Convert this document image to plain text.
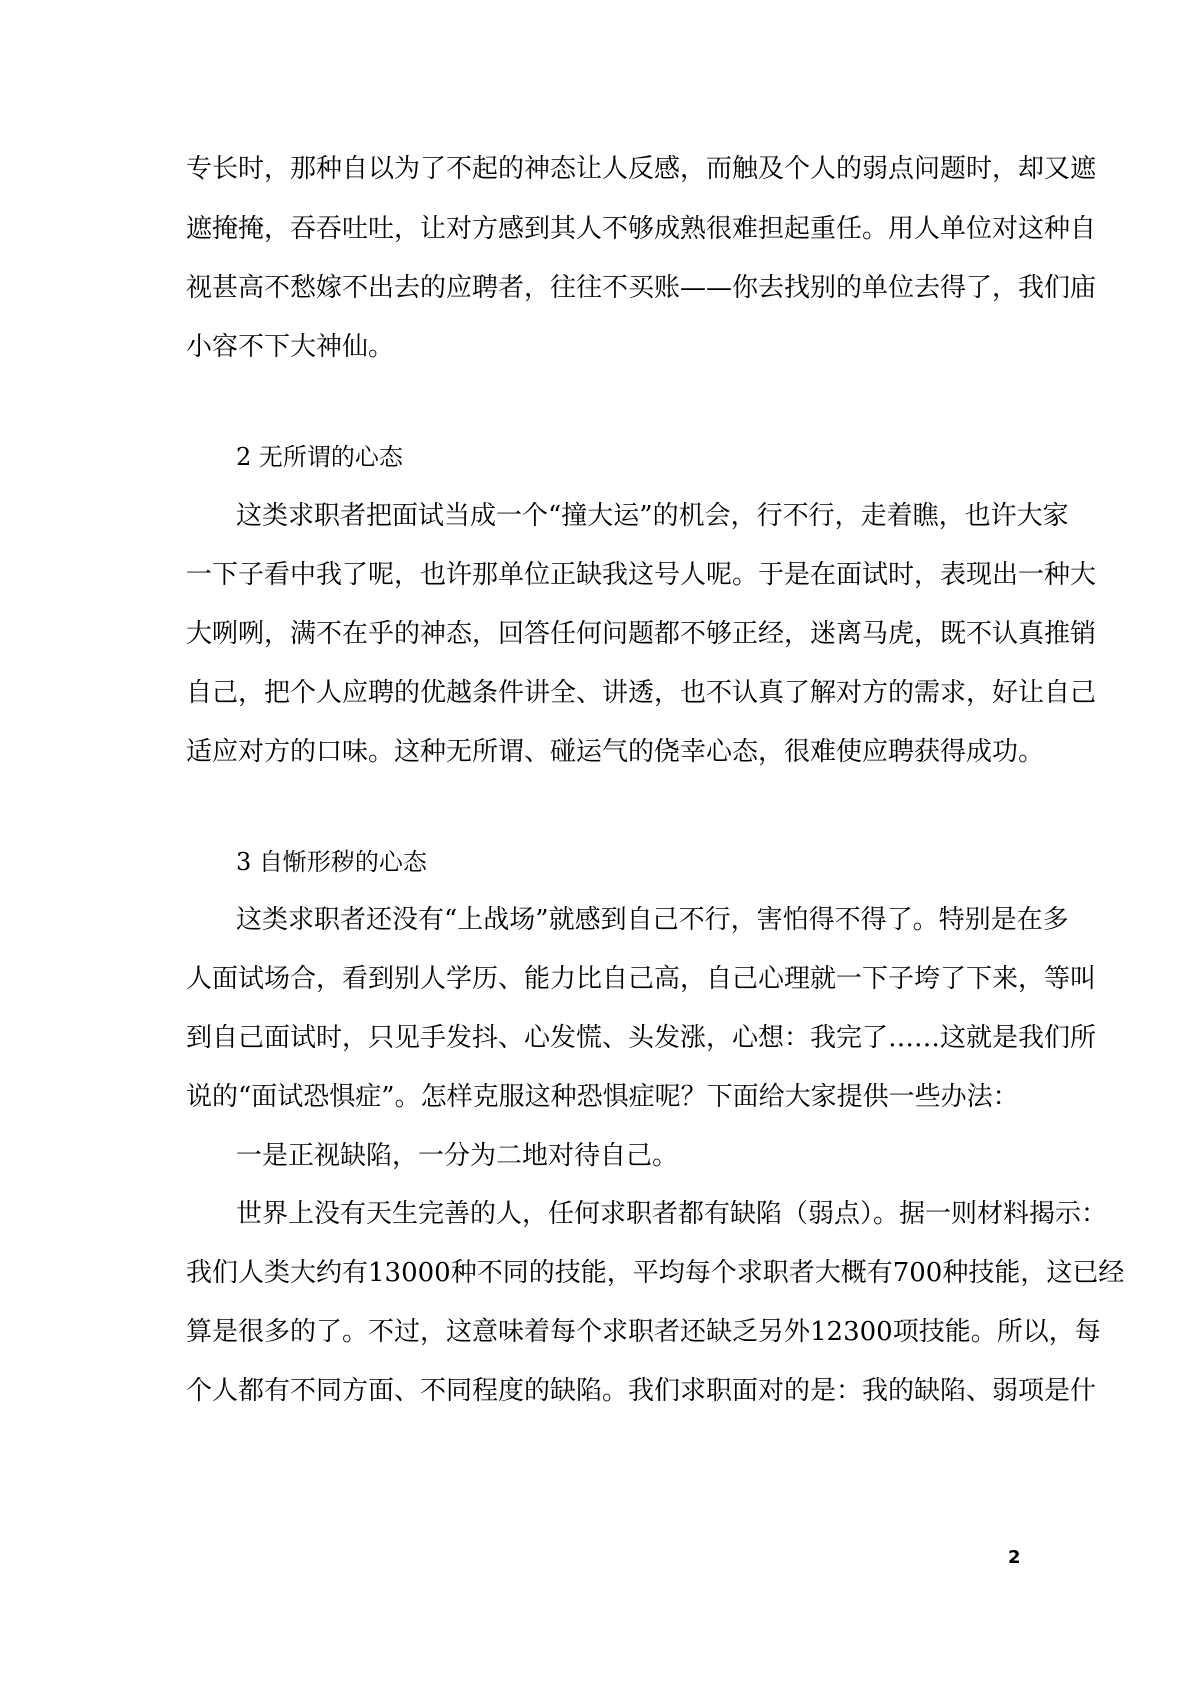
专长时，那种自以为了不起的神态让人反感，而触及个人的弱点问题时，却又遮
遮掩掩，吞吞吐吐，让对方感到其人不够成熟很难担起重任。用人单位对这种自
视甚高不愁嫁不出去的应聘者，往往不买账——你去找别的单位去得了，我们庙
小容不下大神仙。
2 无所谓的心态
这类求职者把面试当成一个“撞大运”的机会，行不行，走着瞧，也许大家
一下子看中我了呢，也许那单位正缺我这号人呢。于是在面试时，表现出一种大
大咧咧，满不在乎的神态，回答任何问题都不够正经，迷离马虎，既不认真推销
自己，把个人应聘的优越条件讲全、讲透，也不认真了解对方的需求，好让自己
适应对方的口味。这种无所谓、碰运气的侥幸心态，很难使应聘获得成功。
3 自惭形秽的心态
这类求职者还没有“上战场”就感到自己不行，害怕得不得了。特别是在多
人面试场合，看到别人学历、能力比自己高，自己心理就一下子垮了下来，等叫
到自己面试时，只见手发抖、心发慌、头发涨，心想：我完了……这就是我们所
说的“面试恐惧症”。怎样克服这种恐惧症呢？下面给大家提供一些办法：
一是正视缺陷，一分为二地对待自己。
世界上没有天生完善的人，任何求职者都有缺陷（弱点）。据一则材料揭示：
我们人类大约有13000种不同的技能，平均每个求职者大概有700种技能，这已经
算是很多的了。不过，这意味着每个求职者还缺乏另外12300项技能。所以，每
个人都有不同方面、不同程度的缺陷。我们求职面对的是：我的缺陷、弱项是什
2
